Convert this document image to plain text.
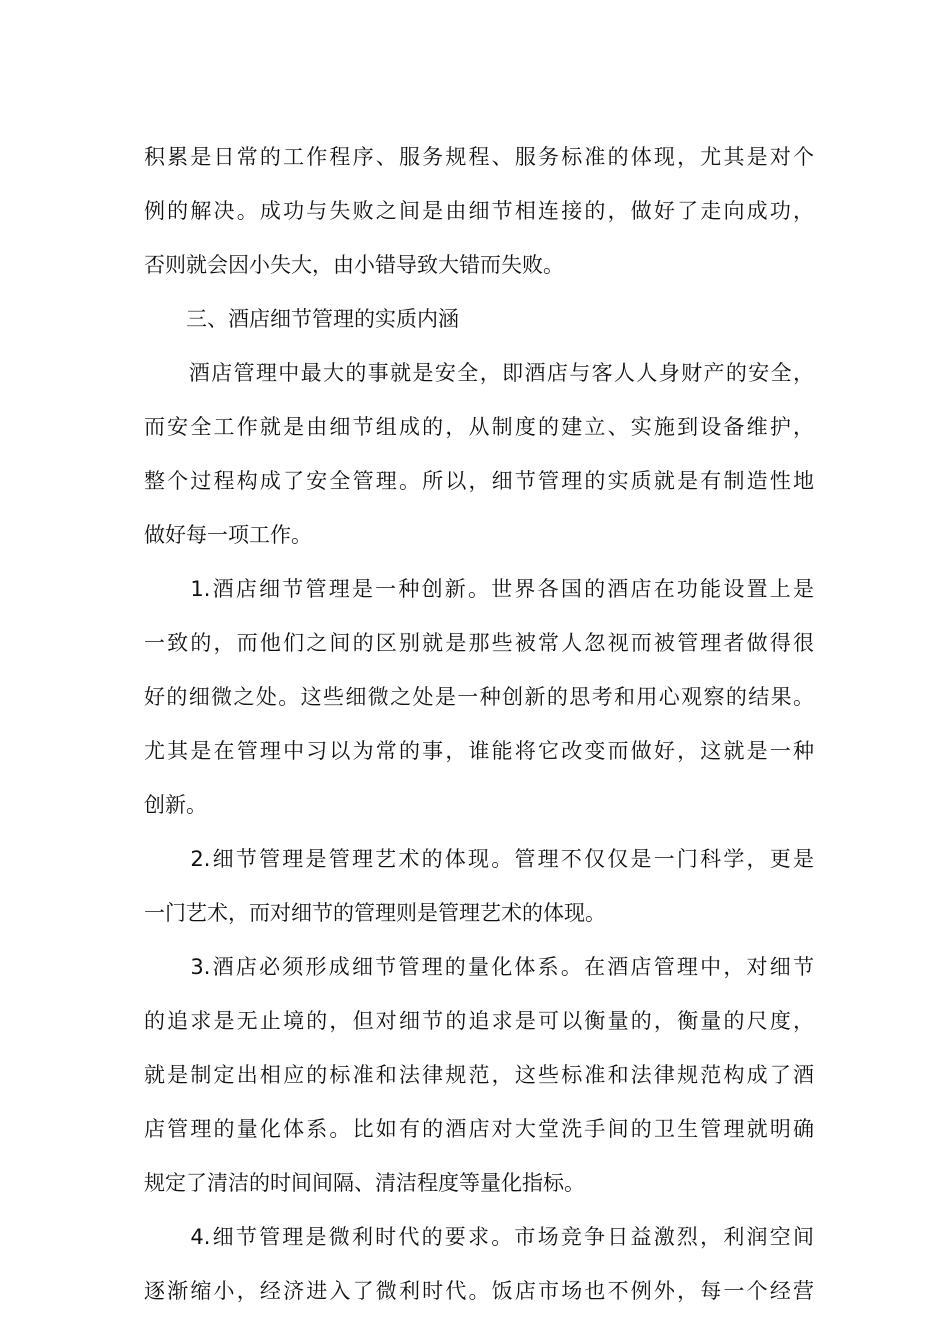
积累是日常的工作程序、服务规程、服务标准的体现，尤其是对个
例的解决。成功与失败之间是由细节相连接的，做好了走向成功，
否则就会因小失大，由小错导致大错而失败。
　　三、酒店细节管理的实质内涵
　　酒店管理中最大的事就是安全，即酒店与客人人身财产的安全，
而安全工作就是由细节组成的，从制度的建立、实施到设备维护，
整个过程构成了安全管理。所以，细节管理的实质就是有制造性地
做好每一项工作。
　　1.酒店细节管理是一种创新。世界各国的酒店在功能设置上是
一致的，而他们之间的区别就是那些被常人忽视而被管理者做得很
好的细微之处。这些细微之处是一种创新的思考和用心观察的结果。
尤其是在管理中习以为常的事，谁能将它改变而做好，这就是一种
创新。
　　2.细节管理是管理艺术的体现。管理不仅仅是一门科学，更是
一门艺术，而对细节的管理则是管理艺术的体现。
　　3.酒店必须形成细节管理的量化体系。在酒店管理中，对细节
的追求是无止境的，但对细节的追求是可以衡量的，衡量的尺度，
就是制定出相应的标准和法律规范，这些标准和法律规范构成了酒
店管理的量化体系。比如有的酒店对大堂洗手间的卫生管理就明确
规定了清洁的时间间隔、清洁程度等量化指标。
　　4.细节管理是微利时代的要求。市场竞争日益激烈，利润空间
逐渐缩小，经济进入了微利时代。饭店市场也不例外，每一个经营
